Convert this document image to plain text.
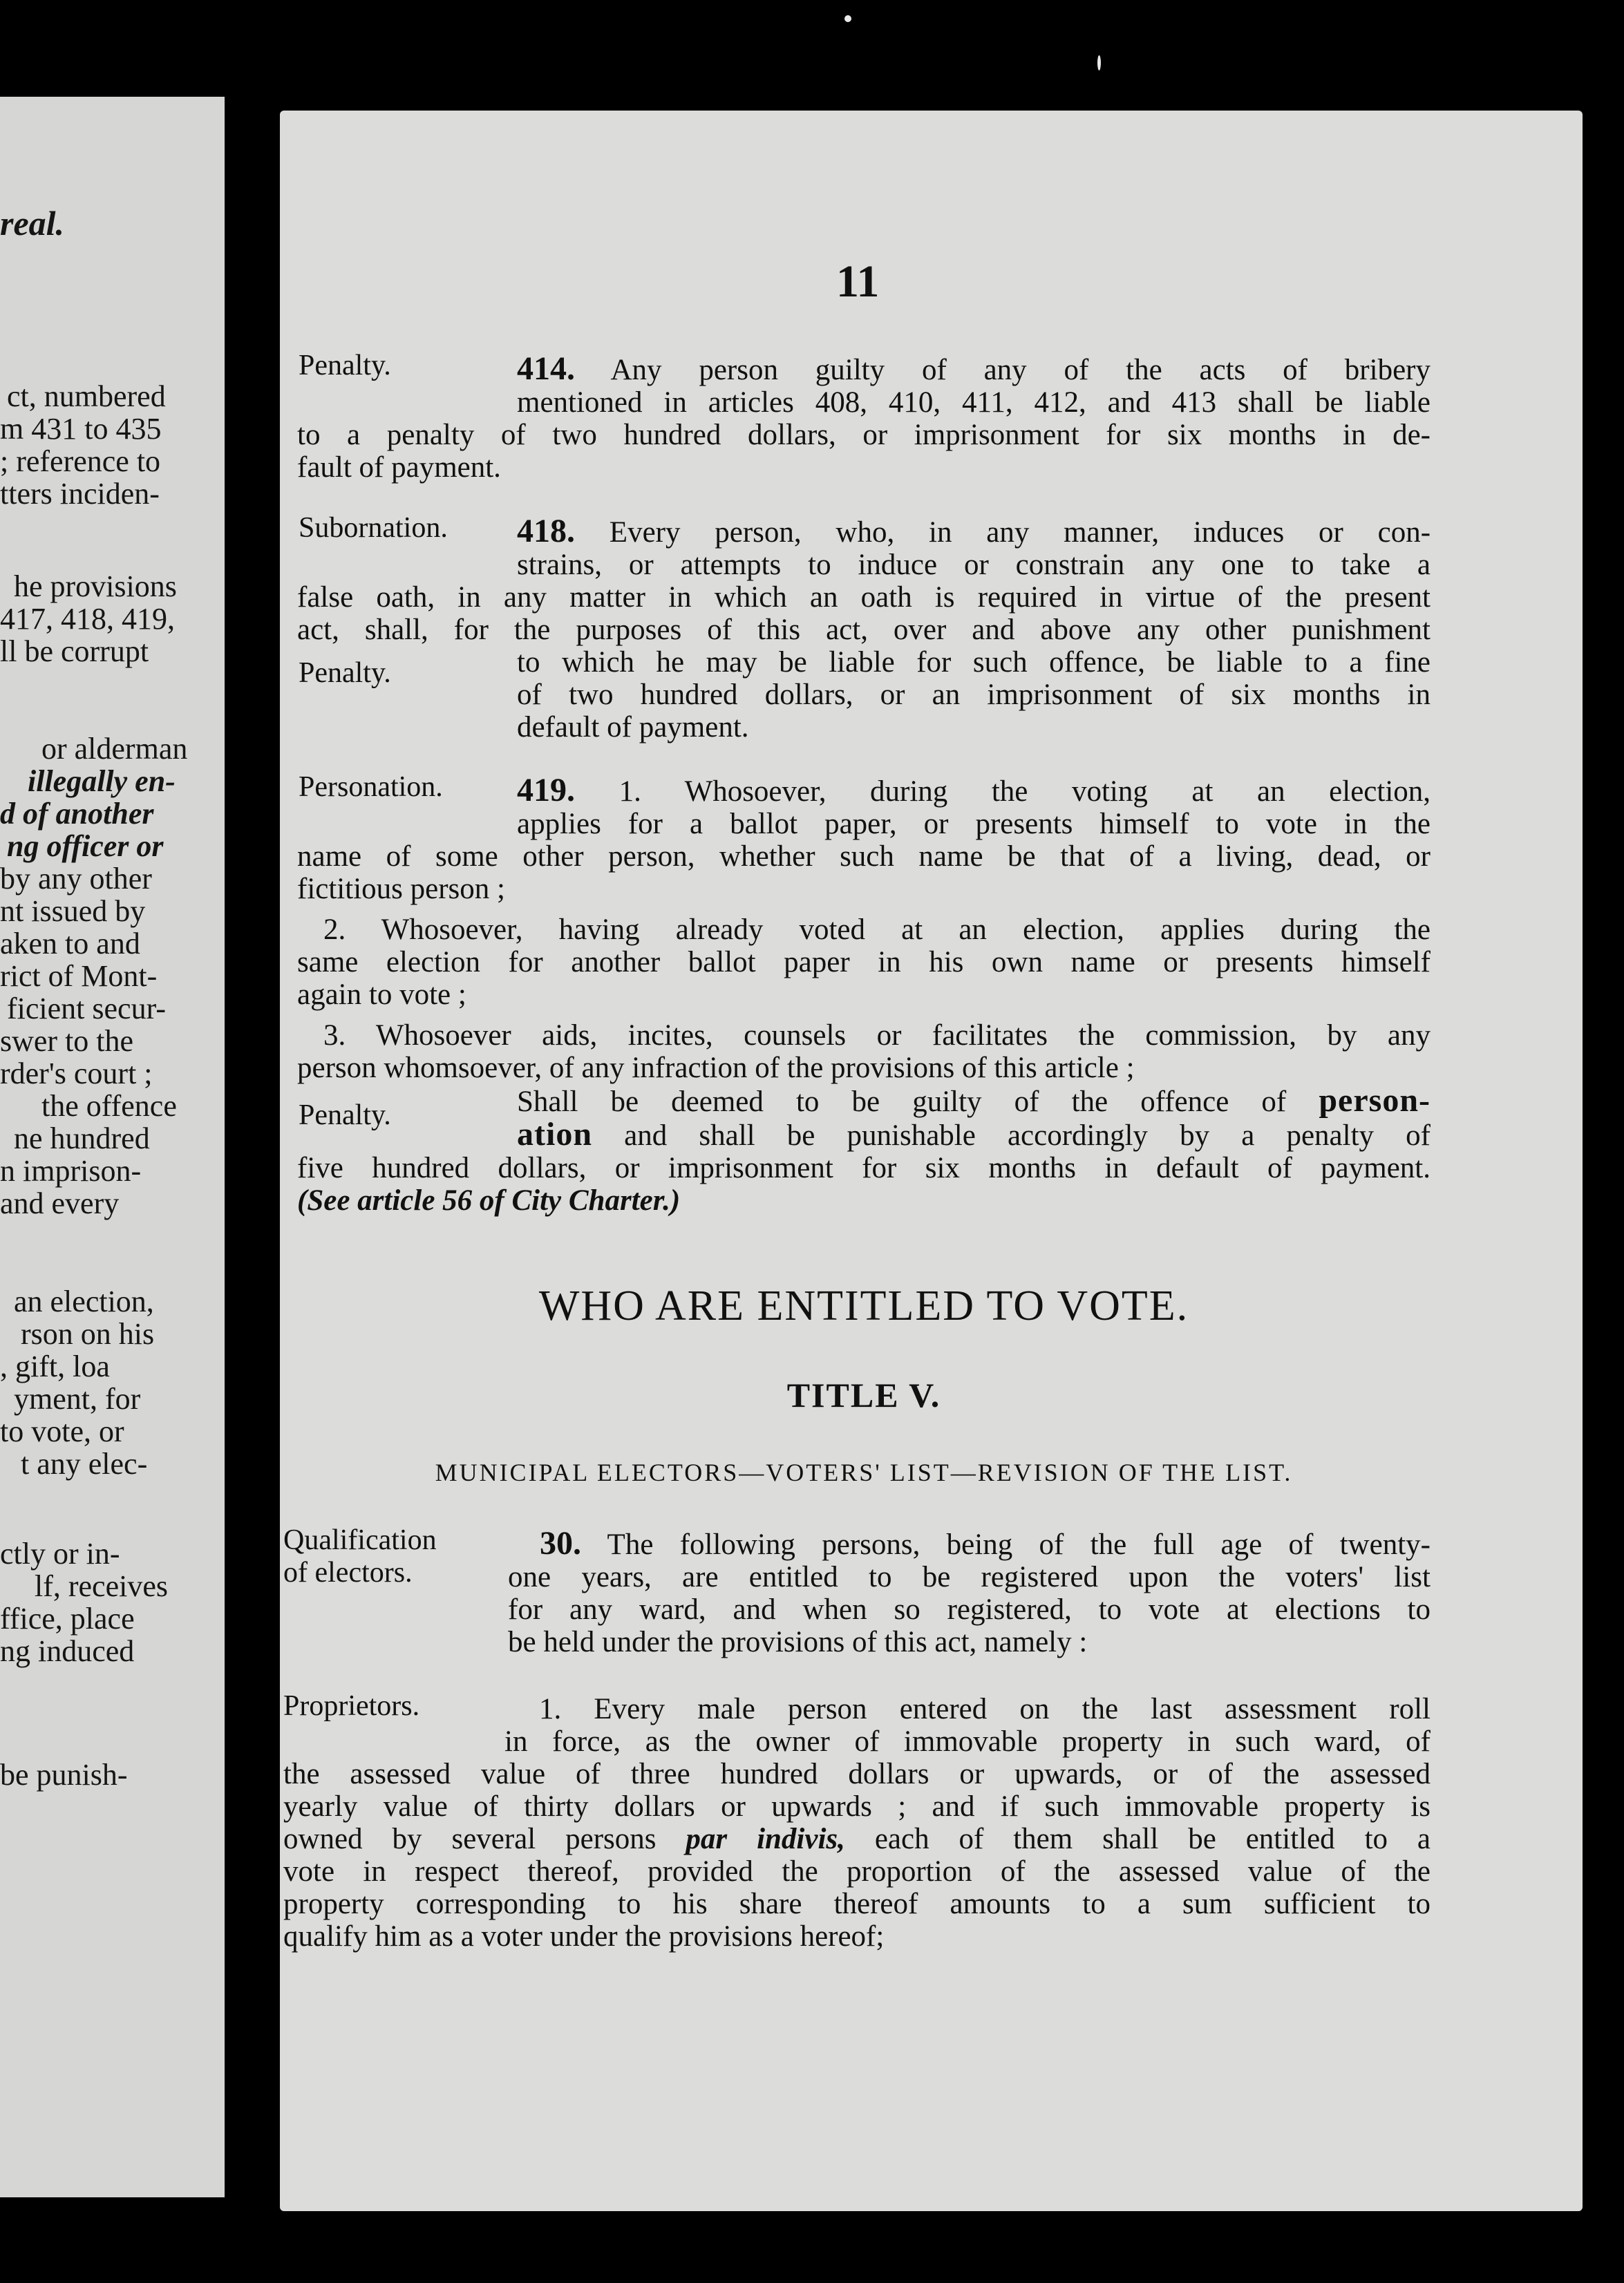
real.
ct, numbered
m 431 to 435
; reference to
tters inciden-
he provisions
417, 418, 419,
ll be corrupt
or alderman
illegally en-
d of another
ng officer or
by any other
nt issued by
aken to and
rict of Mont-
ficient secur-
swer to the
rder's court ;
the offence
ne hundred
n imprison-
and every
an election,
rson on his
, gift, loa
yment, for
to vote, or
t any elec-
ctly or in-
lf, receives
ffice, place
ng induced
be punish-
11
Penalty.	414. Any person guilty of any of the acts of bribery
mentioned in articles 408, 410, 411, 412, and 413 shall be liable
to a penalty of two hundred dollars, or imprisonment for six months in de-
fault of payment.
Subornation.
Penalty.
418. Every person, who, in any manner, induces or con-
strains, or attempts to induce or constrain any one to take a
false oath, in any matter in which an oath is required in virtue of the present
act, shall, for the purposes of this act, over and above any other punishment
to which he may be liable for such offence, be liable to a fine
of two hundred dollars, or an imprisonment of six months in
default of payment.
Personation.
Penalty.
419. 1. Whosoever, during the voting at an election,
applies for a ballot paper, or presents himself to vote in the
name of some other person, whether such name be that of a living, dead, or
fictitious person ;
2. Whosoever, having already voted at an election, applies during the
same election for another ballot paper in his own name or presents himself
again to vote ;
3. Whosoever aids, incites, counsels or facilitates the commission, by any
person whomsoever, of any infraction of the provisions of this article ;
Shall be deemed to be guilty of the offence of person-
ation and shall be punishable accordingly by a penalty of
five hundred dollars, or imprisonment for six months in default of payment.
(See article 56 of City Charter.)
WHO ARE ENTITLED TO VOTE.
TITLE V.
MUNICIPAL ELECTORS—VOTERS' LIST—REVISION OF THE LIST.
Qualification
of electors.
30. The following persons, being of the full age of twenty-
one years, are entitled to be registered upon the voters' list
for any ward, and when so registered, to vote at elections to
be held under the provisions of this act, namely :
Proprietors.	1. Every male person entered on the last assessment roll
in force, as the owner of immovable property in such ward, of
the assessed value of three hundred dollars or upwards, or of the assessed
yearly value of thirty dollars or upwards ; and if such immovable property is
owned by several persons par indivis, each of them shall be entitled to a
vote in respect thereof, provided the proportion of the assessed value of the
property corresponding to his share thereof amounts to a sum sufficient to
qualify him as a voter under the provisions hereof;
